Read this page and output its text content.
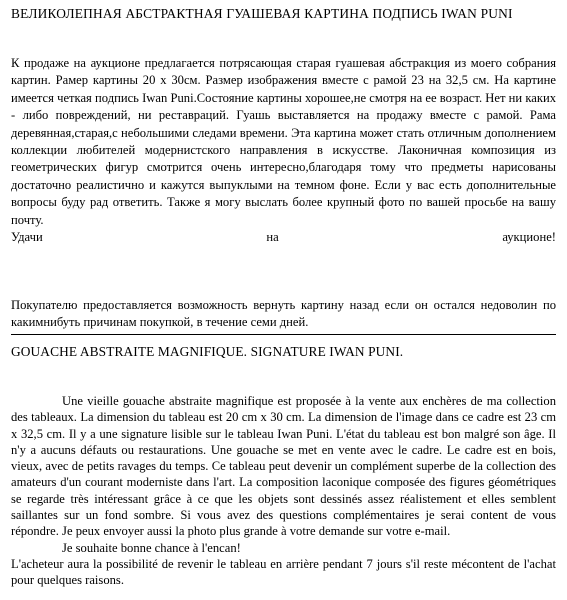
ВЕЛИКОЛЕПНАЯ АБСТРАКТНАЯ ГУАШЕВАЯ КАРТИНА ПОДПИСЬ IWAN PUNI
К продаже на аукционе предлагается потрясающая старая гуашевая абстракция из моего собрания картин. Рамер картины 20 х 30см. Размер изображения вместе с рамой 23 на 32,5 см. На картине имеется четкая подпись Iwan Puni.Состояние картины хорошее,не смотря на ее возраст. Нет ни каких - либо повреждений, ни реставраций. Гуашь выставляется на продажу вместе с рамой. Рама деревянная,старая,с небольшими следами времени. Эта картина может стать отличным дополнением коллекции любителей модернистского направления в искусстве. Лаконичная композиция из геометрических фигур смотрится очень интересно,благодаря тому что предметы нарисованы достаточно реалистично и кажутся выпуклыми на темном фоне. Если у вас есть дополнительные вопросы буду рад ответить. Также я могу выслать более крупный фото по вашей просьбе на вашу почту.
Удачи	на	аукционе!
Покупателю предоставляется возможность вернуть картину назад если он остался недоволин по какимнибуть причинам покупкой, в течение семи дней.
GOUACHE ABSTRAITE MAGNIFIQUE. SIGNATURE IWAN PUNI.
Une vieille gouache abstraite magnifique est proposée à la vente aux enchères de ma collection des tableaux. La dimension du tableau est 20 cm x 30 cm. La dimension de l'image dans ce cadre est 23 cm x 32,5 cm. Il y a une signature lisible sur le tableau Iwan Puni. L'état du tableau est bon malgré son âge. Il n'y a aucuns défauts ou restaurations. Une gouache se met en vente avec le cadre. Le cadre est en bois, vieux, avec de petits ravages du temps. Ce tableau peut devenir un complément superbe de la collection des amateurs d'un courant moderniste dans l'art. La composition laconique composée des figures géométriques se regarde très intéressant grâce à ce que les objets sont dessinés assez réalistement et elles semblent saillantes sur un fond sombre. Si vous avez des questions complémentaires je serai content de vous répondre. Je peux envoyer aussi la photo plus grande à votre demande sur votre e-mail.
Je souhaite bonne chance à l'encan!
L'acheteur aura la possibilité de revenir le tableau en arrière pendant 7 jours s'il reste mécontent de l'achat pour quelques raisons.
